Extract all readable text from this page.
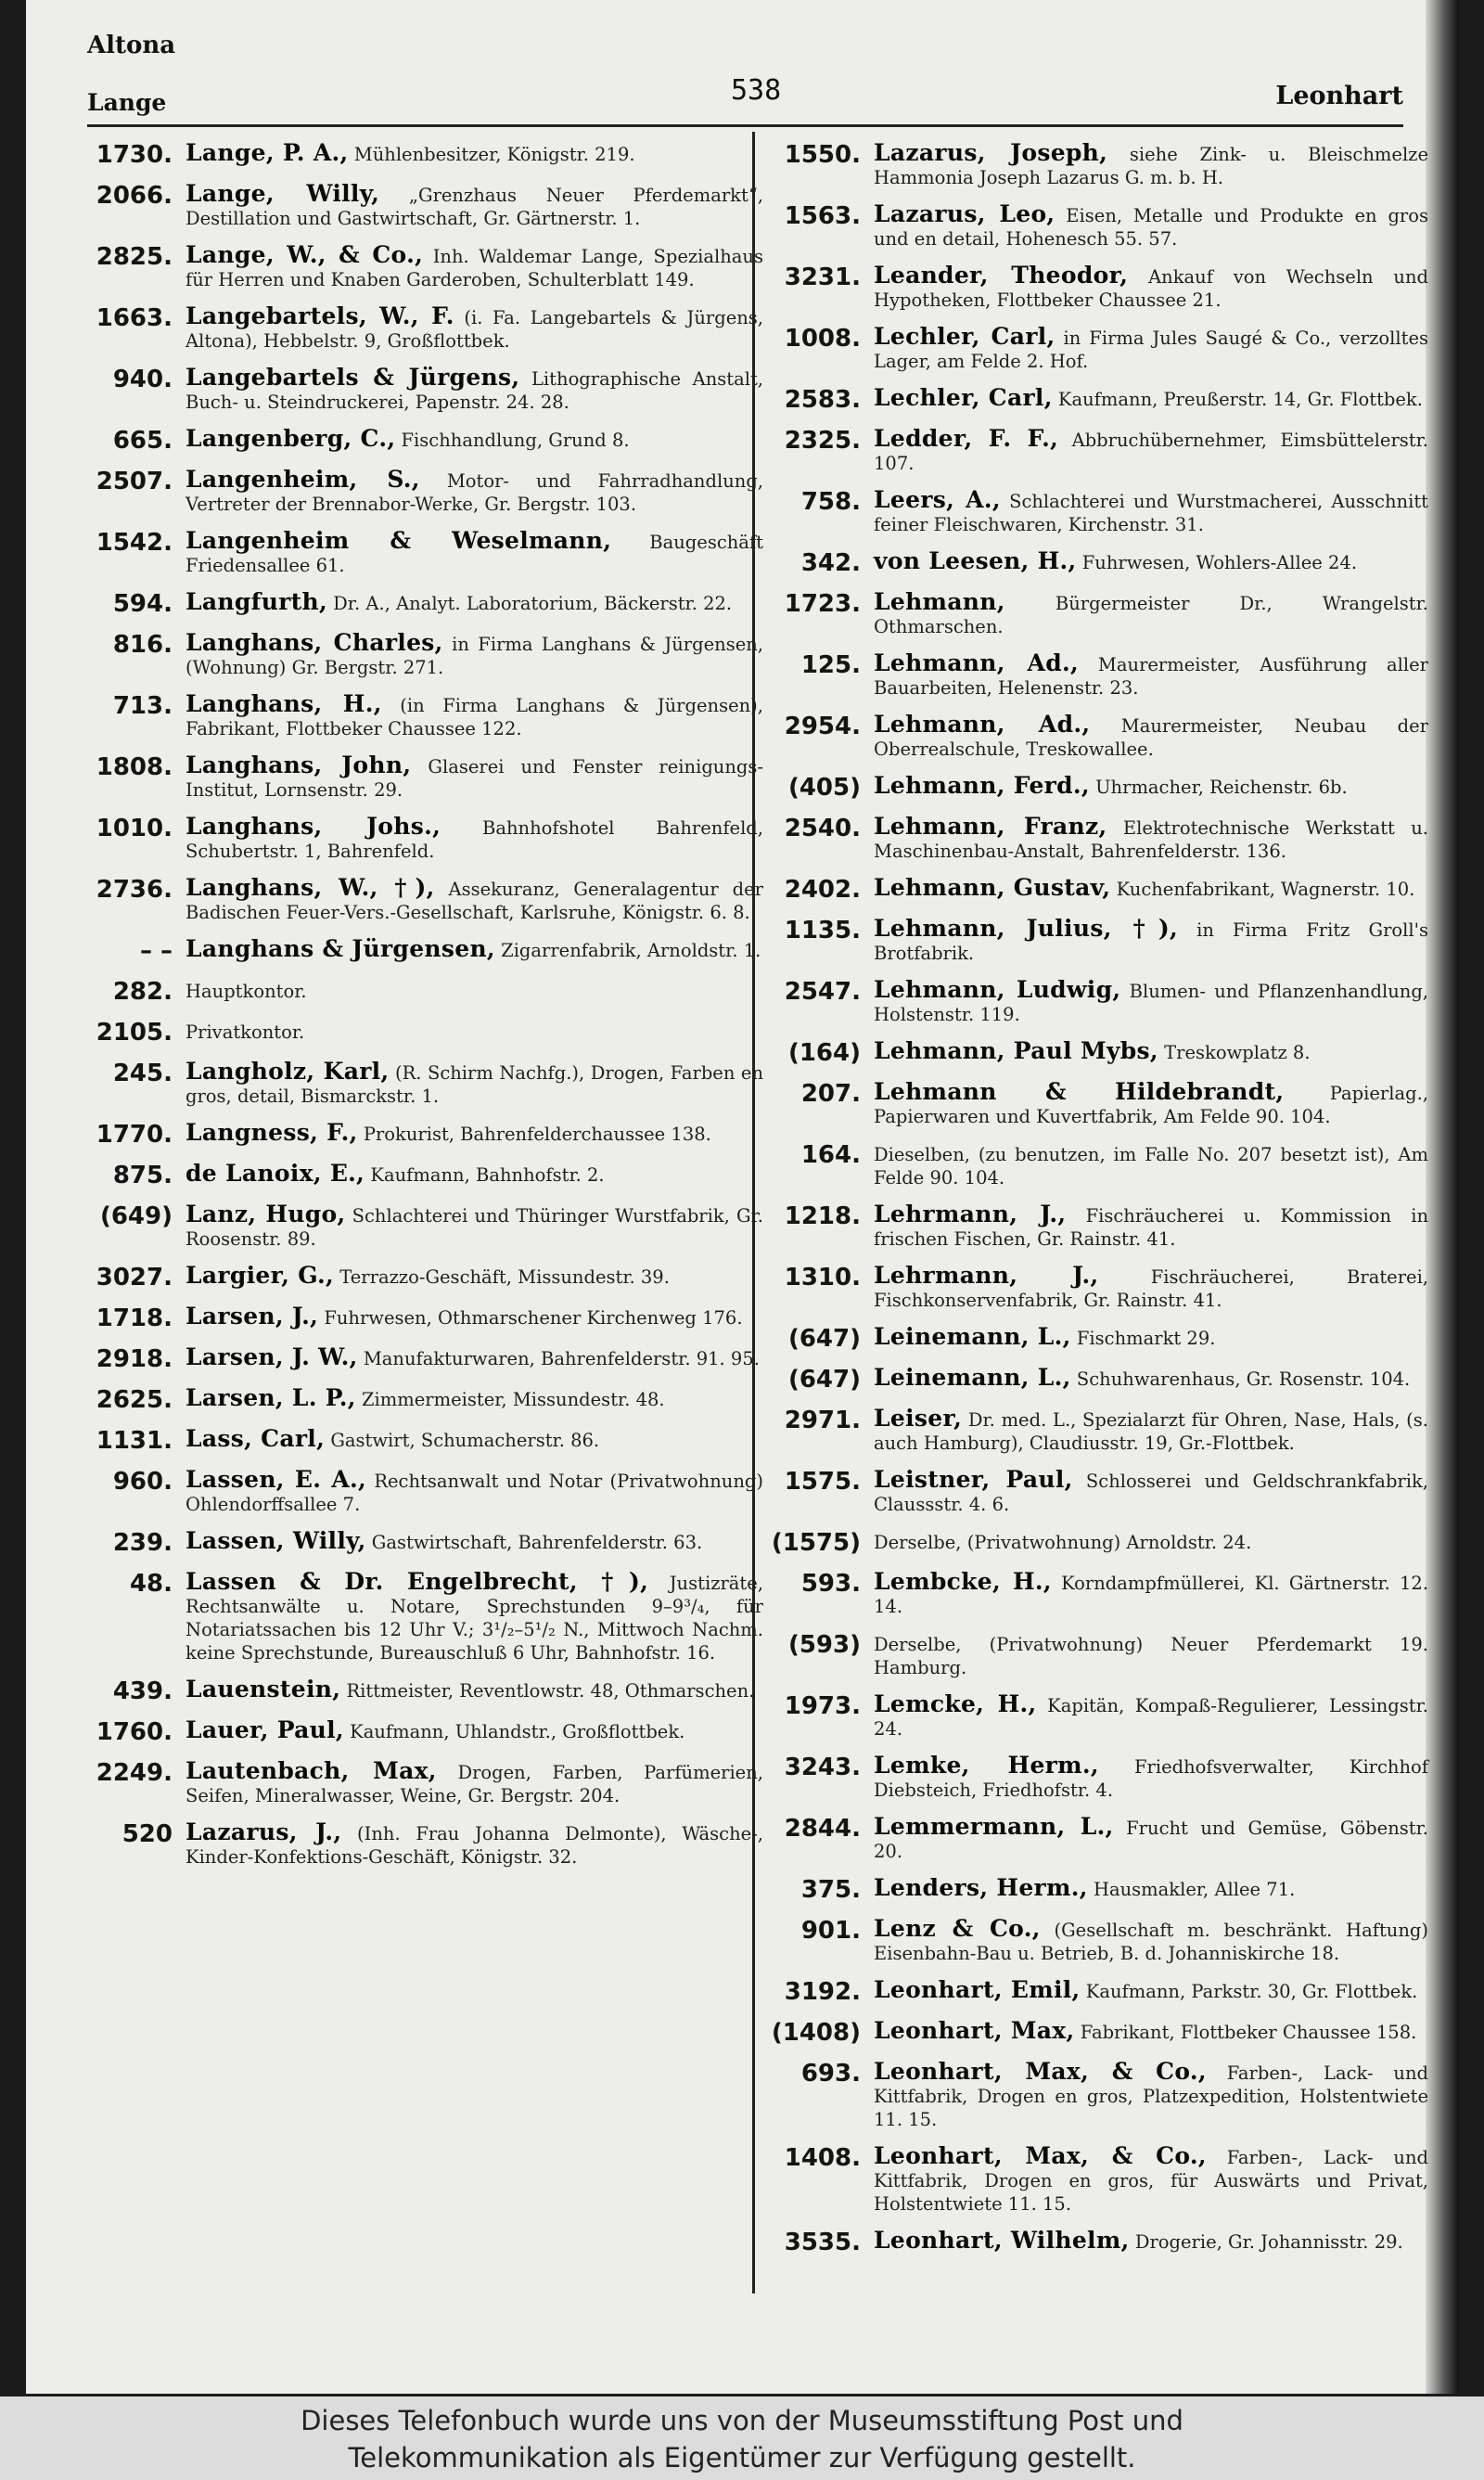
Altona
Lange	538	Leonhart
1730. Lange, P. A., Mühlenbesitzer, Königstr. 219.
2066. Lange, Willy, „Grenzhaus Neuer Pferdemarkt“, Destillation und Gastwirtschaft, Gr. Gärtnerstr. 1.
2825. Lange, W., & Co., Inh. Waldemar Lange, Spezialhaus für Herren und Knaben Garderoben, Schulterblatt 149.
1663. Langebartels, W., F. (i. Fa. Langebartels & Jürgens, Altona), Hebbelstr. 9, Großflottbek.
940. Langebartels & Jürgens, Lithographische Anstalt, Buch- u. Steindruckerei, Papenstr. 24. 28.
665. Langenberg, C., Fischhandlung, Grund 8.
2507. Langenheim, S., Motor- und Fahrradhandlung, Vertreter der Brennabor-Werke, Gr. Bergstr. 103.
1542. Langenheim & Weselmann, Baugeschäft Friedensallee 61.
594. Langfurth, Dr. A., Analyt. Laboratorium, Bäckerstr. 22.
816. Langhans, Charles, in Firma Langhans & Jürgensen, (Wohnung) Gr. Bergstr. 271.
713. Langhans, H., (in Firma Langhans & Jürgensen), Fabrikant, Flottbeker Chaussee 122.
1808. Langhans, John, Glaserei und Fenster reinigungs-Institut, Lornsenstr. 29.
1010. Langhans, Johs., Bahnhofshotel Bahrenfeld, Schubertstr. 1, Bahrenfeld.
2736. Langhans, W., †), Assekuranz, Generalagentur der Badischen Feuer-Vers.-Gesellschaft, Karlsruhe, Königstr. 6. 8.
– – Langhans & Jürgensen, Zigarrenfabrik, Arnoldstr. 1.
282. Hauptkontor.
2105. Privatkontor.
245. Langholz, Karl, (R. Schirm Nachfg.), Drogen, Farben en gros, detail, Bismarckstr. 1.
1770. Langness, F., Prokurist, Bahrenfelderchaussee 138.
875. de Lanoix, E., Kaufmann, Bahnhofstr. 2.
(649) Lanz, Hugo, Schlachterei und Thüringer Wurstfabrik, Gr. Roosenstr. 89.
3027. Largier, G., Terrazzo-Geschäft, Missundestr. 39.
1718. Larsen, J., Fuhrwesen, Othmarschener Kirchenweg 176.
2918. Larsen, J. W., Manufakturwaren, Bahrenfelderstr. 91. 95.
2625. Larsen, L. P., Zimmermeister, Missundestr. 48.
1131. Lass, Carl, Gastwirt, Schumacherstr. 86.
960. Lassen, E. A., Rechtsanwalt und Notar (Privatwohnung) Ohlendorffsallee 7.
239. Lassen, Willy, Gastwirtschaft, Bahrenfelderstr. 63.
48. Lassen & Dr. Engelbrecht, †), Justizräte, Rechtsanwälte u. Notare, Sprechstunden 9–9³/₄, für Notariatssachen bis 12 Uhr V.; 3¹/₂–5¹/₂ N., Mittwoch Nachm. keine Sprechstunde, Bureauschluß 6 Uhr, Bahnhofstr. 16.
439. Lauenstein, Rittmeister, Reventlowstr. 48, Othmarschen.
1760. Lauer, Paul, Kaufmann, Uhlandstr., Großflottbek.
2249. Lautenbach, Max, Drogen, Farben, Parfümerien, Seifen, Mineralwasser, Weine, Gr. Bergstr. 204.
520 Lazarus, J., (Inh. Frau Johanna Delmonte), Wäsche-, Kinder-Konfektions-Geschäft, Königstr. 32.
1550. Lazarus, Joseph, siehe Zink- u. Bleischmelze Hammonia Joseph Lazarus G. m. b. H.
1563. Lazarus, Leo, Eisen, Metalle und Produkte en gros und en detail, Hohenesch 55. 57.
3231. Leander, Theodor, Ankauf von Wechseln und Hypotheken, Flottbeker Chaussee 21.
1008. Lechler, Carl, in Firma Jules Saugé & Co., verzolltes Lager, am Felde 2. Hof.
2583. Lechler, Carl, Kaufmann, Preußerstr. 14, Gr. Flottbek.
2325. Ledder, F. F., Abbruchübernehmer, Eimsbüttelerstr. 107.
758. Leers, A., Schlachterei und Wurstmacherei, Ausschnitt feiner Fleischwaren, Kirchenstr. 31.
342. von Leesen, H., Fuhrwesen, Wohlers-Allee 24.
1723. Lehmann,	Bürgermeister Dr., Wrangelstr. Othmarschen.
125. Lehmann, Ad., Maurermeister, Ausführung aller Bauarbeiten, Helenenstr. 23.
2954. Lehmann, Ad., Maurermeister, Neubau der Oberrealschule, Treskowallee.
(405) Lehmann, Ferd., Uhrmacher, Reichenstr. 6b.
2540. Lehmann, Franz, Elektrotechnische Werkstatt u. Maschinenbau-Anstalt, Bahrenfelderstr. 136.
2402. Lehmann, Gustav, Kuchenfabrikant, Wagnerstr. 10.
1135. Lehmann, Julius, †), in Firma Fritz Groll's Brotfabrik.
2547. Lehmann, Ludwig, Blumen- und Pflanzenhandlung, Holstenstr. 119.
(164) Lehmann, Paul Mybs, Treskowplatz 8.
207. Lehmann & Hildebrandt,	Papierlag., Papierwaren und Kuvertfabrik, Am Felde 90. 104.
164. Dieselben, (zu benutzen, im Falle No. 207 besetzt ist), Am Felde 90. 104.
1218. Lehrmann, J., Fischräucherei u. Kommission in frischen Fischen, Gr. Rainstr. 41.
1310. Lehrmann, J.,	Fischräucherei, Braterei, Fischkonservenfabrik, Gr. Rainstr. 41.
(647) Leinemann, L., Fischmarkt 29.
(647) Leinemann, L., Schuhwarenhaus, Gr. Rosenstr. 104.
2971. Leiser, Dr. med. L., Spezialarzt für Ohren, Nase, Hals, (s. auch Hamburg), Claudiusstr. 19, Gr.-Flottbek.
1575. Leistner, Paul, Schlosserei und Geldschrankfabrik, Claussstr. 4. 6.
(1575) Derselbe, (Privatwohnung) Arnoldstr. 24.
593. Lembcke, H., Korndampfmüllerei, Kl. Gärtnerstr. 12. 14.
(593) Derselbe, (Privatwohnung) Neuer Pferdemarkt 19. Hamburg.
1973. Lemcke, H., Kapitän, Kompaß-Regulierer, Lessingstr. 24.
3243. Lemke, Herm., Friedhofsverwalter, Kirchhof Diebsteich, Friedhofstr. 4.
2844. Lemmermann, L., Frucht und Gemüse, Göbenstr. 20.
375. Lenders, Herm., Hausmakler, Allee 71.
901. Lenz & Co., (Gesellschaft m. beschränkt. Haftung) Eisenbahn-Bau u. Betrieb, B. d. Johanniskirche 18.
3192. Leonhart, Emil, Kaufmann, Parkstr. 30, Gr. Flottbek.
(1408) Leonhart, Max, Fabrikant, Flottbeker Chaussee 158.
693. Leonhart, Max, & Co., Farben-, Lack- und Kittfabrik, Drogen en gros, Platzexpedition, Holstentwiete 11. 15.
1408. Leonhart, Max, & Co., Farben-, Lack- und Kittfabrik, Drogen en gros, für Auswärts und Privat, Holstentwiete 11. 15.
3535. Leonhart, Wilhelm, Drogerie, Gr. Johannisstr. 29.
Dieses Telefonbuch wurde uns von der Museumsstiftung Post und
Telekommunikation als Eigentümer zur Verfügung gestellt.
